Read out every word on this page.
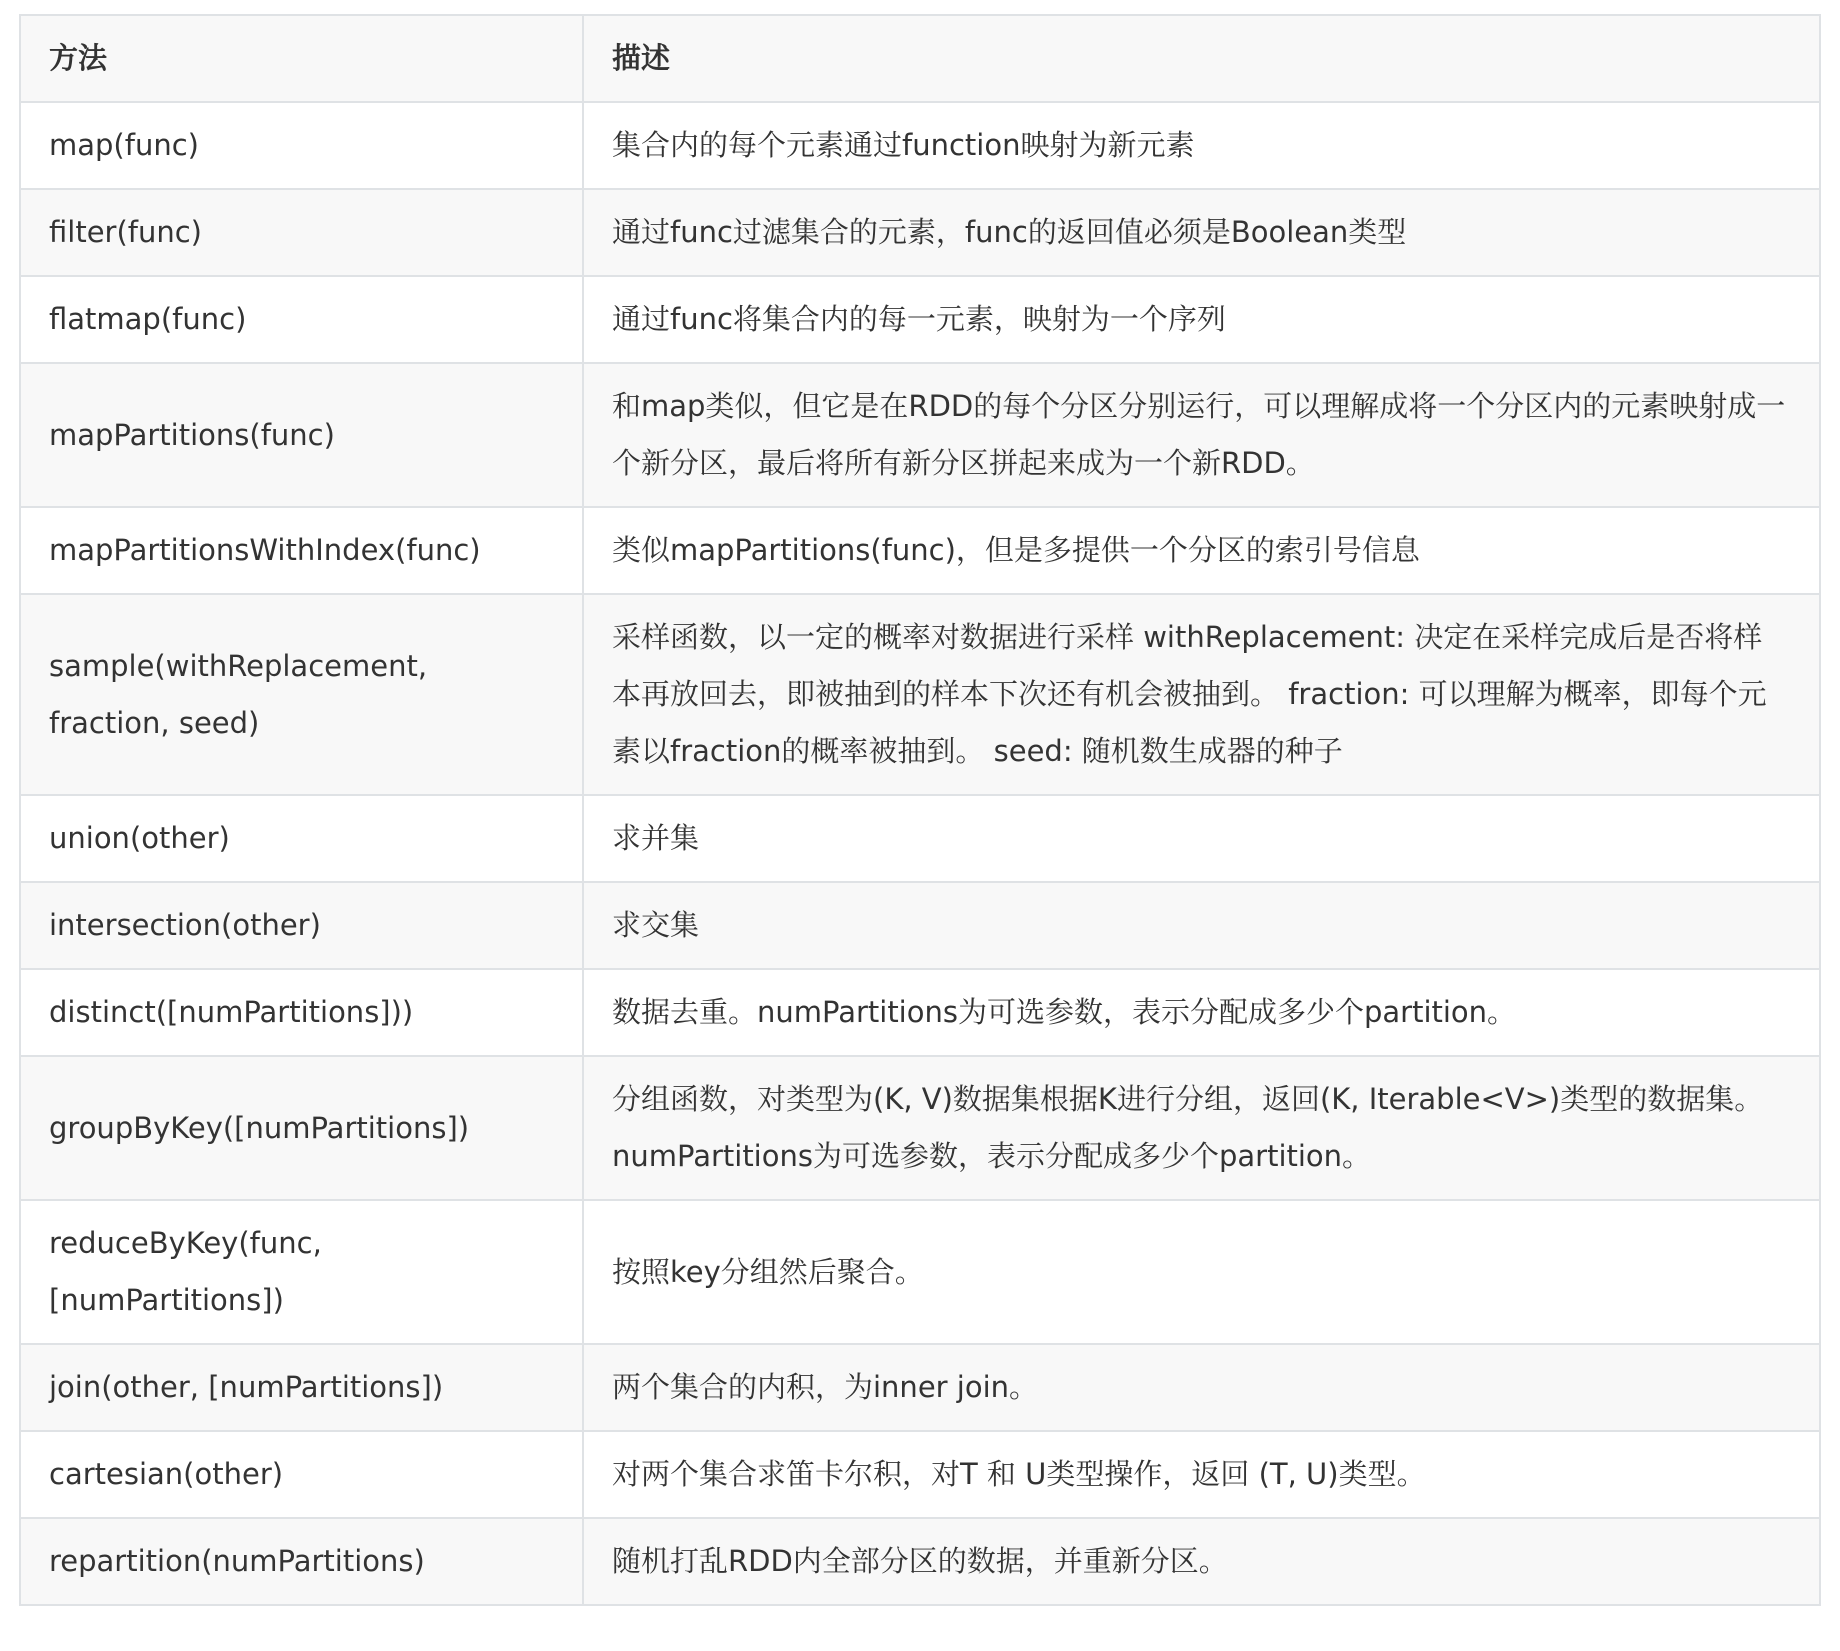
方法	描述
map(func)	集合内的每个元素通过function映射为新元素
filter(func)	通过func过滤集合的元素，func的返回值必须是Boolean类型
flatmap(func)	通过func将集合内的每一元素，映射为一个序列
mapPartitions(func)	和map类似，但它是在RDD的每个分区分别运行，可以理解成将一个分区内的元素映射成一个新分区，最后将所有新分区拼起来成为一个新RDD。
mapPartitionsWithIndex(func)	类似mapPartitions(func)，但是多提供一个分区的索引号信息
sample(withReplacement, fraction, seed)	采样函数，以一定的概率对数据进行采样 withReplacement: 决定在采样完成后是否将样本再放回去，即被抽到的样本下次还有机会被抽到。 fraction: 可以理解为概率，即每个元素以fraction的概率被抽到。 seed: 随机数生成器的种子
union(other)	求并集
intersection(other)	求交集
distinct([numPartitions]))	数据去重。numPartitions为可选参数，表示分配成多少个partition。
groupByKey([numPartitions])	分组函数，对类型为(K, V)数据集根据K进行分组，返回(K, Iterable<V>)类型的数据集。numPartitions为可选参数，表示分配成多少个partition。
reduceByKey(func, [numPartitions])	按照key分组然后聚合。
join(other, [numPartitions])	两个集合的内积，为inner join。
cartesian(other)	对两个集合求笛卡尔积，对T 和 U类型操作，返回 (T, U)类型。
repartition(numPartitions)	随机打乱RDD内全部分区的数据，并重新分区。
